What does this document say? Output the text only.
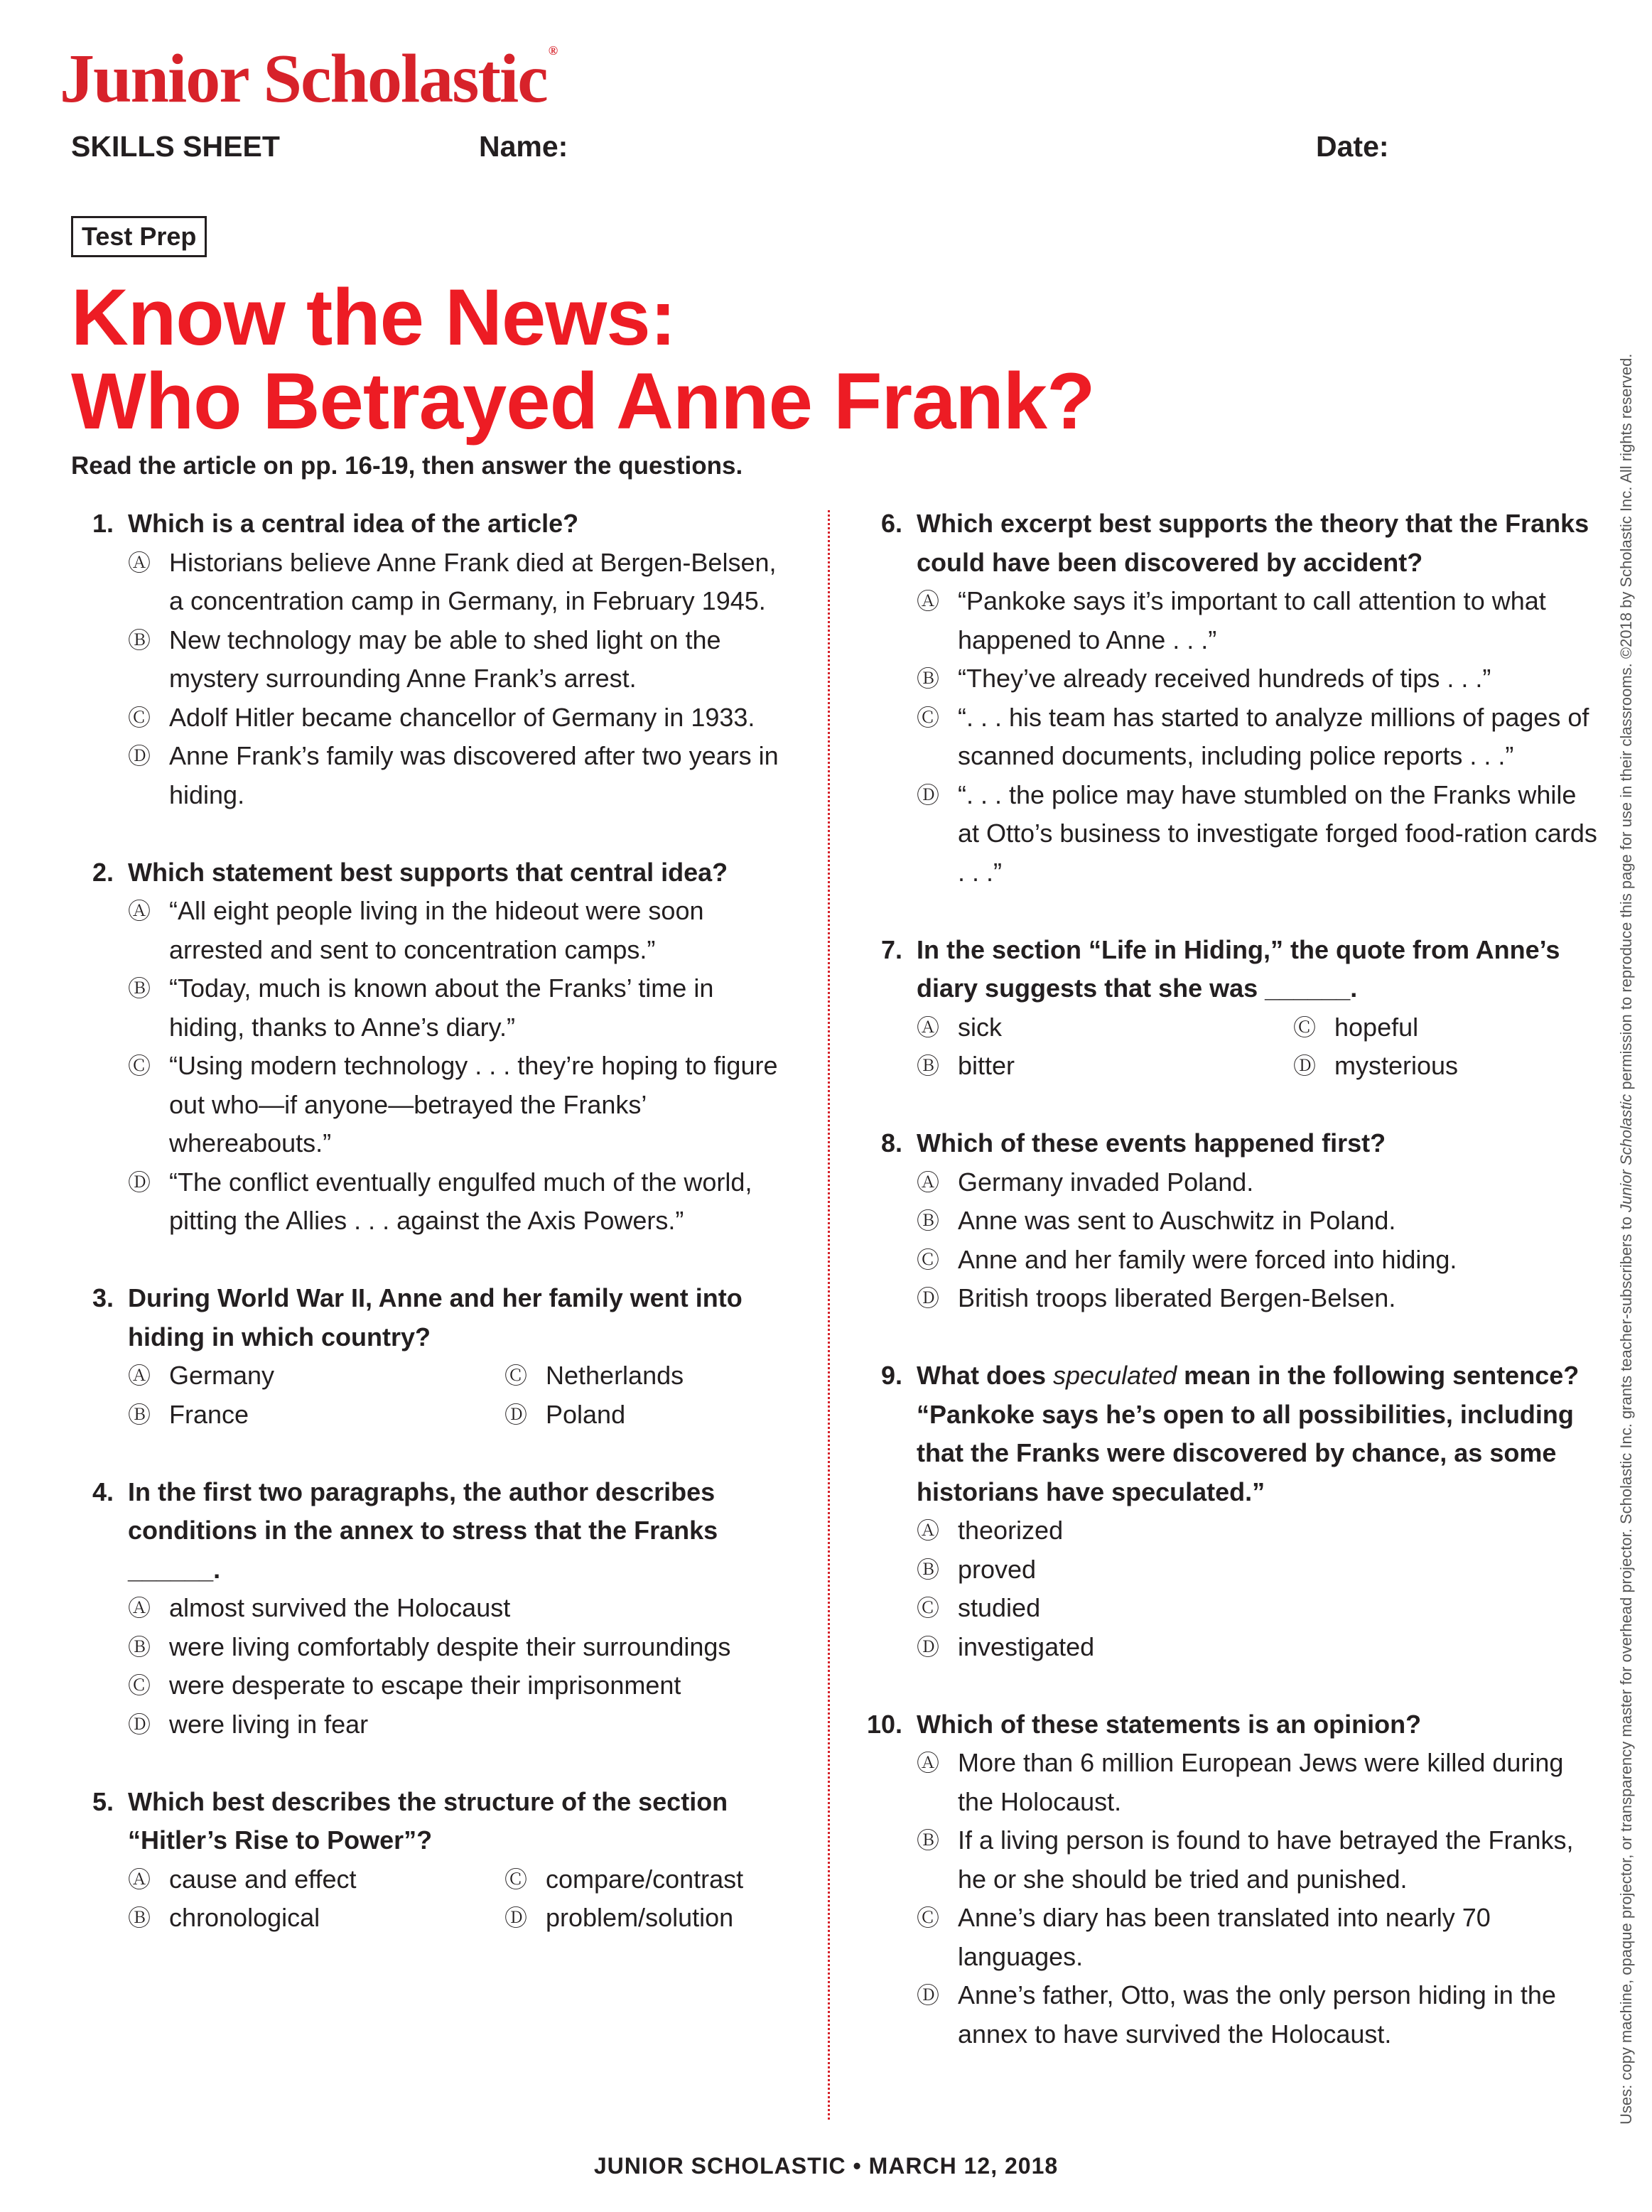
Junior Scholastic ®
SKILLS SHEET	Name:	Date:
Test Prep
Know the News:
Who Betrayed Anne Frank?
Read the article on pp. 16-19, then answer the questions.
1. Which is a central idea of the article?
Ⓐ Historians believe Anne Frank died at Bergen-Belsen, a concentration camp in Germany, in February 1945.
Ⓑ New technology may be able to shed light on the mystery surrounding Anne Frank’s arrest.
Ⓒ Adolf Hitler became chancellor of Germany in 1933.
Ⓓ Anne Frank’s family was discovered after two years in hiding.
2. Which statement best supports that central idea?
Ⓐ “All eight people living in the hideout were soon arrested and sent to concentration camps.”
Ⓑ “Today, much is known about the Franks’ time in hiding, thanks to Anne’s diary.”
Ⓒ “Using modern technology . . . they’re hoping to figure out who—if anyone—betrayed the Franks’ whereabouts.”
Ⓓ “The conflict eventually engulfed much of the world, pitting the Allies . . . against the Axis Powers.”
3. During World War II, Anne and her family went into hiding in which country?
Ⓐ Germany	Ⓒ Netherlands
Ⓑ France	Ⓓ Poland
4. In the first two paragraphs, the author describes conditions in the annex to stress that the Franks ______.
Ⓐ almost survived the Holocaust
Ⓑ were living comfortably despite their surroundings
Ⓒ were desperate to escape their imprisonment
Ⓓ were living in fear
5. Which best describes the structure of the section “Hitler’s Rise to Power”?
Ⓐ cause and effect	Ⓒ compare/contrast
Ⓑ chronological	Ⓓ problem/solution
6. Which excerpt best supports the theory that the Franks could have been discovered by accident?
Ⓐ “Pankoke says it’s important to call attention to what happened to Anne . . .”
Ⓑ “They’ve already received hundreds of tips . . .”
Ⓒ “. . . his team has started to analyze millions of pages of scanned documents, including police reports . . .”
Ⓓ “. . . the police may have stumbled on the Franks while at Otto’s business to investigate forged food-ration cards . . .”
7. In the section “Life in Hiding,” the quote from Anne’s diary suggests that she was ______.
Ⓐ sick	Ⓒ hopeful
Ⓑ bitter	Ⓓ mysterious
8. Which of these events happened first?
Ⓐ Germany invaded Poland.
Ⓑ Anne was sent to Auschwitz in Poland.
Ⓒ Anne and her family were forced into hiding.
Ⓓ British troops liberated Bergen-Belsen.
9. What does speculated mean in the following sentence? “Pankoke says he’s open to all possibilities, including that the Franks were discovered by chance, as some historians have speculated.”
Ⓐ theorized
Ⓑ proved
Ⓒ studied
Ⓓ investigated
10. Which of these statements is an opinion?
Ⓐ More than 6 million European Jews were killed during the Holocaust.
Ⓑ If a living person is found to have betrayed the Franks, he or she should be tried and punished.
Ⓒ Anne’s diary has been translated into nearly 70 languages.
Ⓓ Anne’s father, Otto, was the only person hiding in the annex to have survived the Holocaust.
JUNIOR SCHOLASTIC • MARCH 12, 2018
Uses: copy machine, opaque projector, or transparency master for overhead projector. Scholastic Inc. grants teacher-subscribers to Junior Scholastic permission to reproduce this page for use in their classrooms. ©2018 by Scholastic Inc. All rights reserved.
